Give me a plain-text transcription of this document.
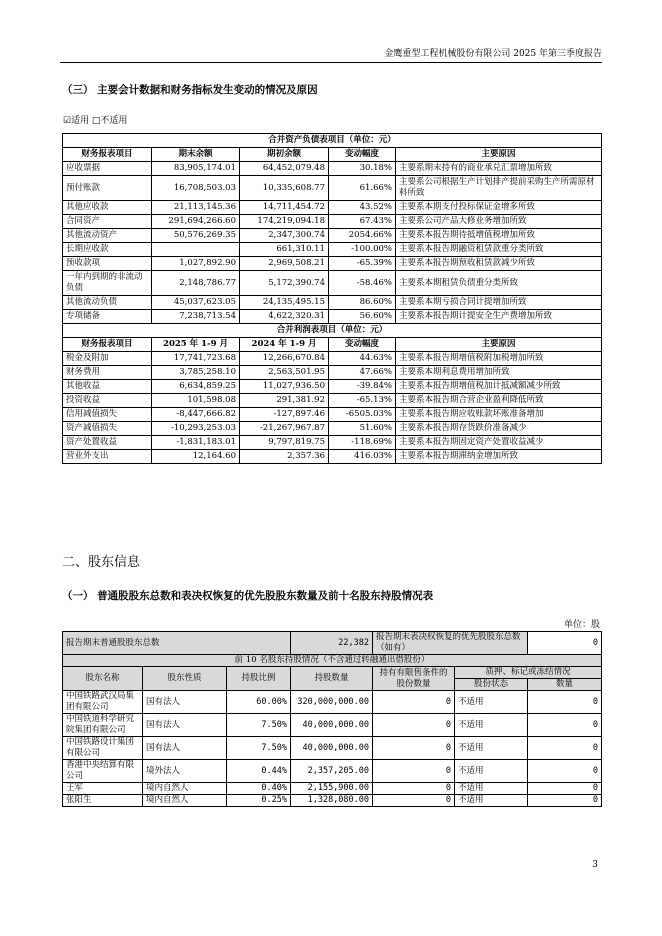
金鹰重型工程机械股份有限公司 2025 年第三季度报告
（三） 主要会计数据和财务指标发生变动的情况及原因
☑适用 □不适用
合并资产负债表项目（单位：元）				
财务报表项目	期末余额	期初余额	变动幅度	主要原因
应收票据	83,905,174.01	64,452,079.48	30.18%	主要系期末持有的商业承兑汇票增加所致
预付账款	16,708,503.03	10,335,608.77	61.66%	主要系公司根据生产计划排产提前采购生产所需原材料所致
其他应收款	21,113,145.36	14,711,454.72	43.52%	主要系本期支付投标保证金增多所致
合同资产	291,694,266.60	174,219,094.18	67.43%	主要系公司产品大修业务增加所致
其他流动资产	50,576,269.35	2,347,300.74	2054.66%	主要系本报告期待抵增值税增加所致
长期应收款		661,310.11	-100.00%	主要系本报告期融资租赁款重分类所致
预收款项	1,027,892.90	2,969,508.21	-65.39%	主要系本报告期预收租赁款减少所致
一年内到期的非流动负债	2,148,786.77	5,172,390.74	-58.46%	主要系本期租赁负债重分类所致
其他流动负债	45,037,623.05	24,135,495.15	86.60%	主要系本期亏损合同计提增加所致
专项储备	7,238,713.54	4,622,320.31	56.60%	主要系本报告期计提安全生产费增加所致
合并利润表项目（单位：元）				
财务报表项目	2025 年 1-9 月	2024 年 1-9 月	变动幅度	主要原因
税金及附加	17,741,723.68	12,266,670.84	44.63%	主要系本报告期增值税附加税增加所致
财务费用	3,785,258.10	2,563,501.95	47.66%	主要系本期利息费用增加所致
其他收益	6,634,859.25	11,027,936.50	-39.84%	主要系本报告期增值税加计抵减额减少所致
投资收益	101,598.08	291,381.92	-65.13%	主要系本报告期合营企业盈利降低所致
信用减值损失	-8,447,666.82	-127,897.46	-6505.03%	主要系本报告期应收账款坏账准备增加
资产减值损失	-10,293,253.03	-21,267,967.87	51.60%	主要系本报告期存货跌价准备减少
资产处置收益	-1,831,183.01	9,797,819.75	-118.69%	主要系本报告期固定资产处置收益减少
营业外支出	12,164.60	2,357.36	416.03%	主要系本报告期滞纳金增加所致
二、股东信息
（一） 普通股股东总数和表决权恢复的优先股股东数量及前十名股东持股情况表
单位：股
报告期末普通股股东总数			22,382	报告期末表决权恢复的优先股股东总数（如有）		0
前 10 名股东持股情况（不含通过转融通出借股份）						
股东名称	股东性质	持股比例	持股数量	持有有限售条件的股份数量	质押、标记或冻结情况	
					股份状态	数量
中国铁路武汉局集团有限公司	国有法人	60.00%	320,000,000.00	0	不适用	0
中国铁道科学研究院集团有限公司	国有法人	7.50%	40,000,000.00	0	不适用	0
中国铁路设计集团有限公司	国有法人	7.50%	40,000,000.00	0	不适用	0
香港中央结算有限公司	境外法人	0.44%	2,357,205.00	0	不适用	0
王军	境内自然人	0.40%	2,155,900.00	0	不适用	0
张阳生	境内自然人	0.25%	1,328,080.00	0	不适用	0
3
